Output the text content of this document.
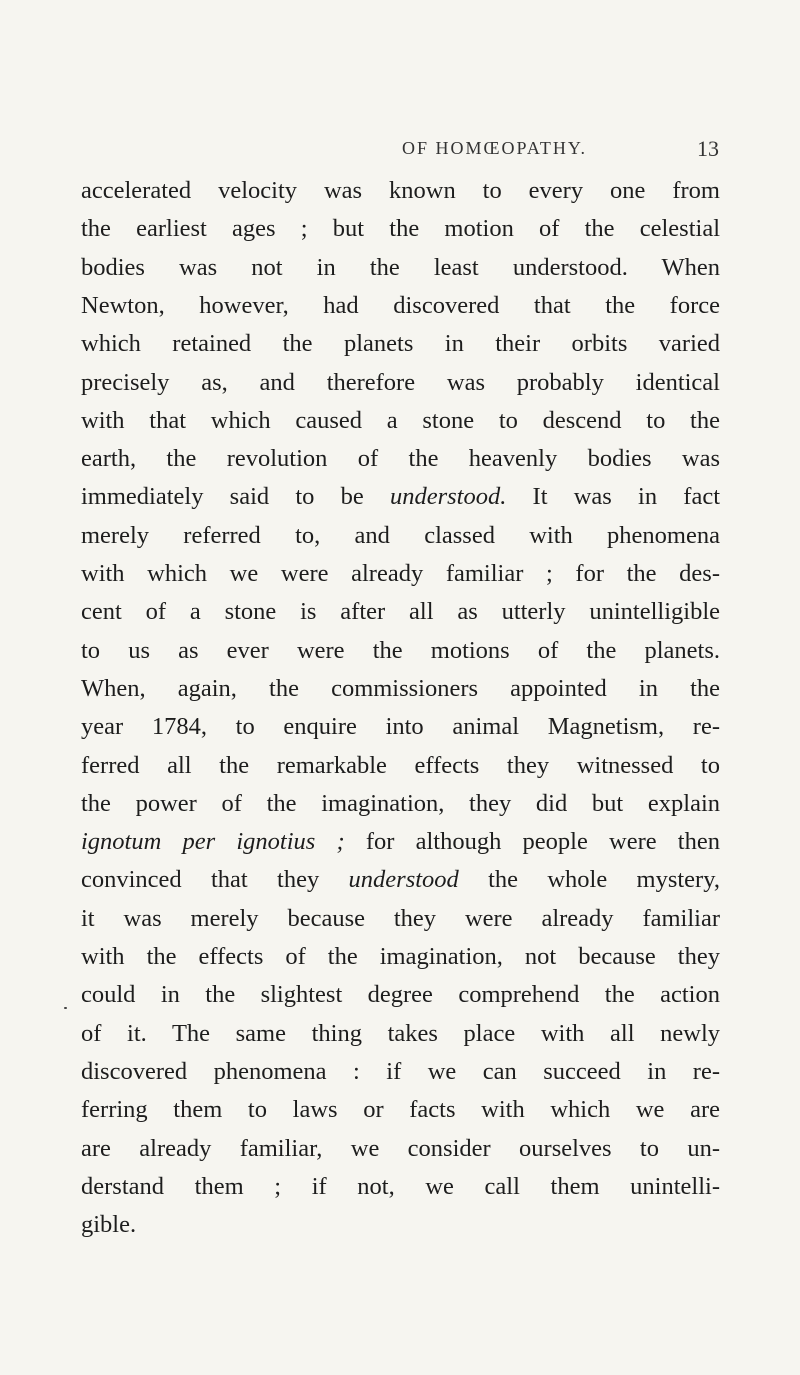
OF HOMŒOPATHY.	13
accelerated velocity was known to every one from
the earliest ages ; but the motion of the celestial
bodies was not in the least understood. When
Newton, however, had discovered that the force
which retained the planets in their orbits varied
precisely as, and therefore was probably identical
with that which caused a stone to descend to the
earth, the revolution of the heavenly bodies was
immediately said to be understood. It was in fact
merely referred to, and classed with phenomena
with which we were already familiar ; for the des-
cent of a stone is after all as utterly unintelligible
to us as ever were the motions of the planets.
When, again, the commissioners appointed in the
year 1784, to enquire into animal Magnetism, re-
ferred all the remarkable effects they witnessed to
the power of the imagination, they did but explain
ignotum per ignotius ; for although people were then
convinced that they understood the whole mystery,
it was merely because they were already familiar
with the effects of the imagination, not because they
could in the slightest degree comprehend the action
of it. The same thing takes place with all newly
discovered phenomena : if we can succeed in re-
ferring them to laws or facts with which we are
are already familiar, we consider ourselves to un-
derstand them ; if not, we call them unintelli-
gible.
